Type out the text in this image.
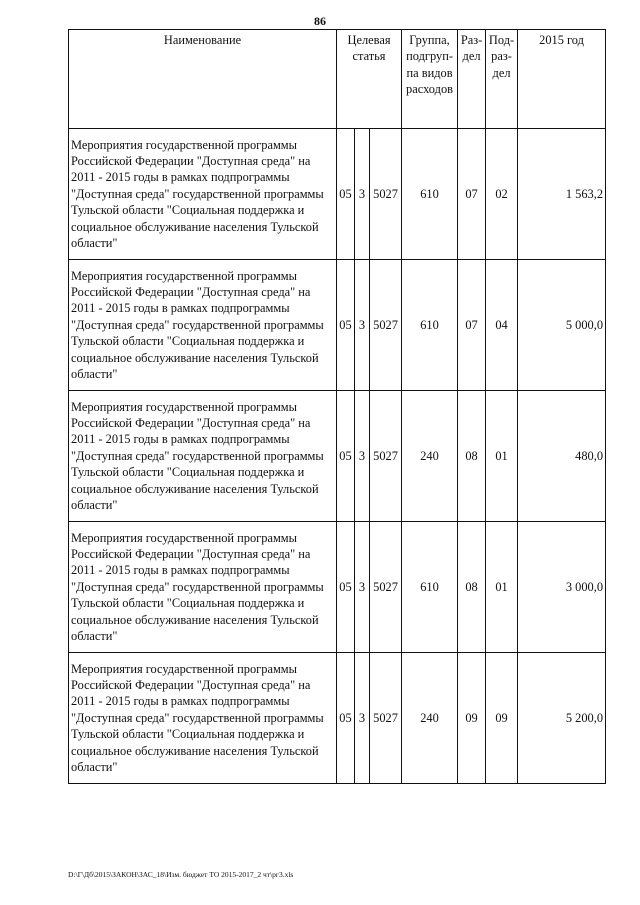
86
Наименование	Целевая статья			Группа, подгруп-па видов расходов	Раз-дел	Под-раз-дел	2015 год
Мероприятия государственной программы Российской Федерации "Доступная среда" на 2011 - 2015 годы в рамках подпрограммы "Доступная среда" государственной программы Тульской области "Социальная поддержка и социальное обслуживание населения Тульской области"	05	3	5027	610	07	02	1 563,2
Мероприятия государственной программы Российской Федерации "Доступная среда" на 2011 - 2015 годы в рамках подпрограммы "Доступная среда" государственной программы Тульской области "Социальная поддержка и социальное обслуживание населения Тульской области"	05	3	5027	610	07	04	5 000,0
Мероприятия государственной программы Российской Федерации "Доступная среда" на 2011 - 2015 годы в рамках подпрограммы "Доступная среда" государственной программы Тульской области "Социальная поддержка и социальное обслуживание населения Тульской области"	05	3	5027	240	08	01	480,0
Мероприятия государственной программы Российской Федерации "Доступная среда" на 2011 - 2015 годы в рамках подпрограммы "Доступная среда" государственной программы Тульской области "Социальная поддержка и социальное обслуживание населения Тульской области"	05	3	5027	610	08	01	3 000,0
Мероприятия государственной программы Российской Федерации "Доступная среда" на 2011 - 2015 годы в рамках подпрограммы "Доступная среда" государственной программы Тульской области "Социальная поддержка и социальное обслуживание населения Тульской области"	05	3	5027	240	09	09	5 200,0
D:\Г\Дб\2015\ЗАКОН\ЗАС_18\Изм. бюджет ТО 2015-2017_2 чт\рг3.xls
